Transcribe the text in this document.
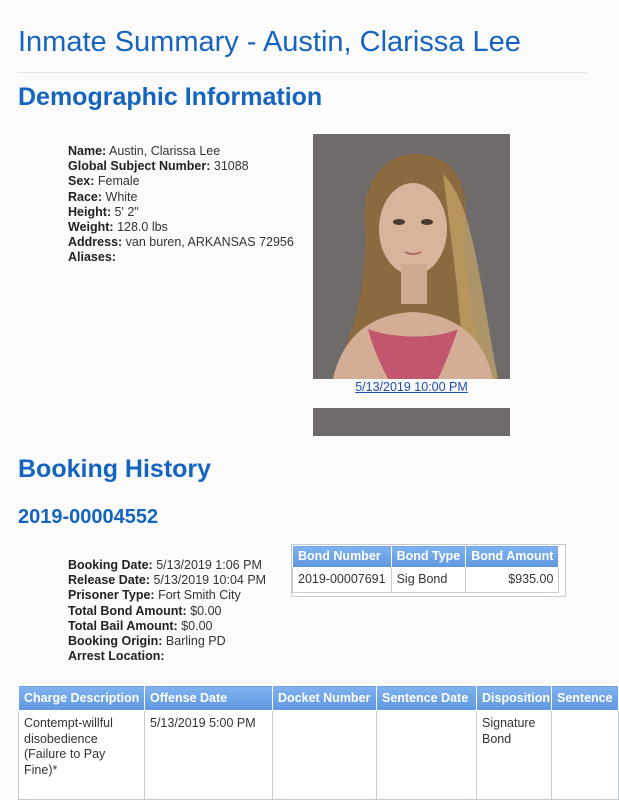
Inmate Summary - Austin, Clarissa Lee
Demographic Information
Name: Austin, Clarissa Lee
Global Subject Number: 31088
Sex: Female
Race: White
Height: 5' 2"
Weight: 128.0 lbs
Address: van buren, ARKANSAS 72956
Aliases:
5/13/2019 10:00 PM
Booking History
2019-00004552
Booking Date: 5/13/2019 1:06 PM
Release Date: 5/13/2019 10:04 PM
Prisoner Type: Fort Smith City
Total Bond Amount: $0.00
Total Bail Amount: $0.00
Booking Origin: Barling PD
Arrest Location:
Bond Number	Bond Type	Bond Amount
2019-00007691	Sig Bond	$935.00
Charge Description	Offense Date	Docket Number	Sentence Date	Disposition	Sentence
Contempt-willful disobedience (Failure to Pay Fine)*	5/13/2019 5:00 PM			Signature Bond	
